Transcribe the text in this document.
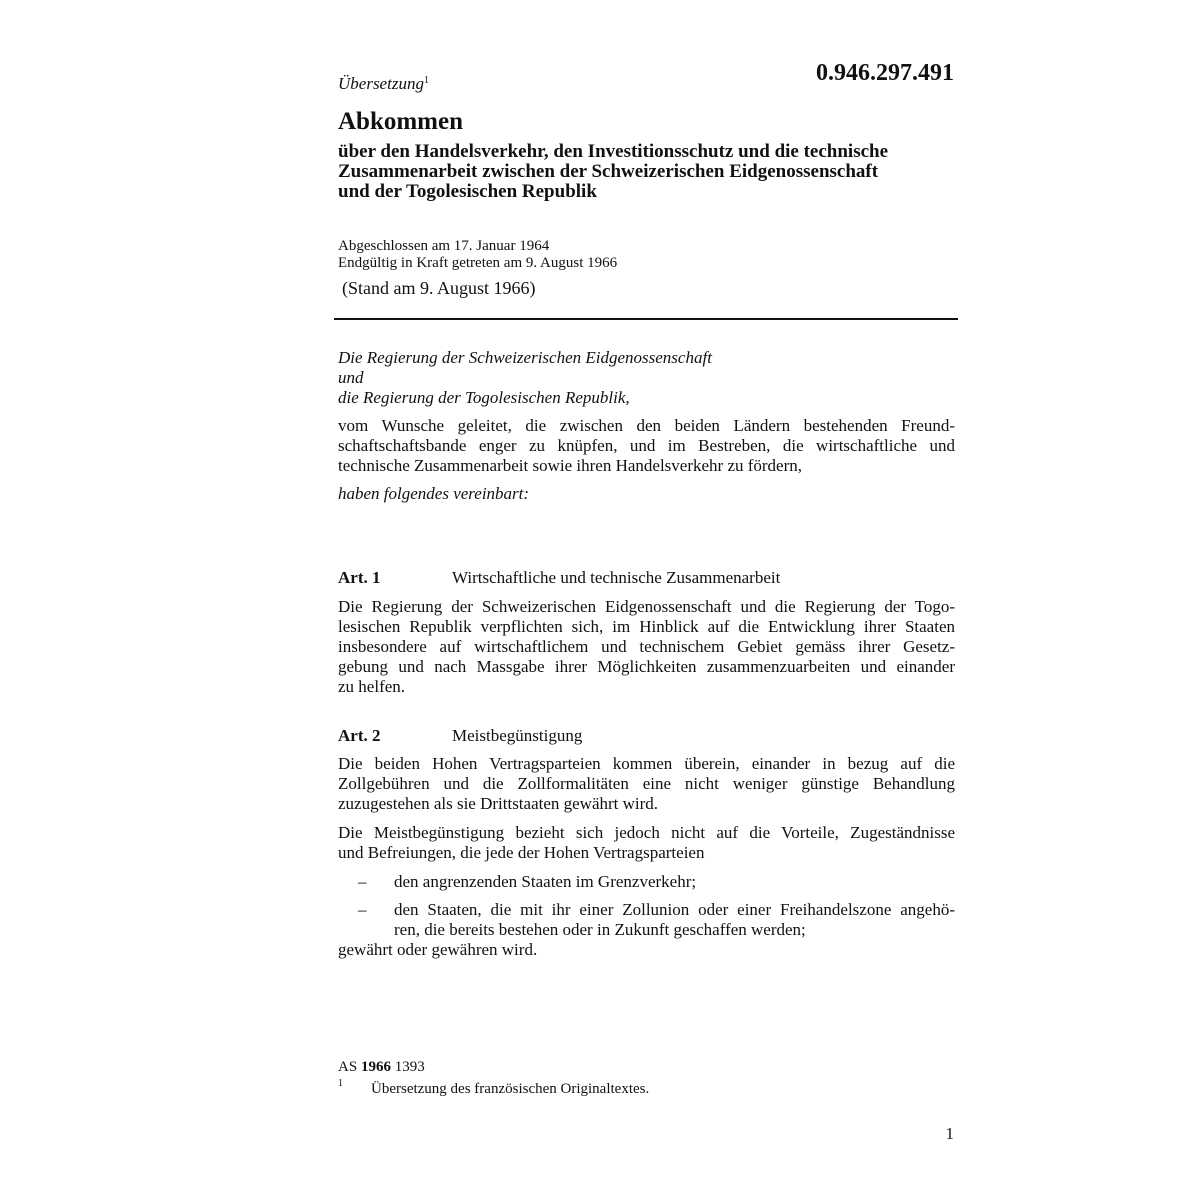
Übersetzung$^1$	0.946.297.491
Abkommen
über den Handelsverkehr, den Investitionsschutz und die technische
Zusammenarbeit zwischen der Schweizerischen Eidgenossenschaft
und der Togolesischen Republik
Abgeschlossen am 17. Januar 1964
Endgültig in Kraft getreten am 9. August 1966
(Stand am 9. August 1966)
Die Regierung der Schweizerischen Eidgenossenschaft
und
die Regierung der Togolesischen Republik,
vom Wunsche geleitet, die zwischen den beiden Ländern bestehenden Freund-
schaftschaftsbande enger zu knüpfen, und im Bestreben, die wirtschaftliche und
technische Zusammenarbeit sowie ihren Handelsverkehr zu fördern,
haben folgendes vereinbart:
Art. 1	Wirtschaftliche und technische Zusammenarbeit
Die Regierung der Schweizerischen Eidgenossenschaft und die Regierung der Togo-
lesischen Republik verpflichten sich, im Hinblick auf die Entwicklung ihrer Staaten
insbesondere auf wirtschaftlichem und technischem Gebiet gemäss ihrer Gesetz-
gebung und nach Massgabe ihrer Möglichkeiten zusammenzuarbeiten und einander
zu helfen.
Art. 2	Meistbegünstigung
Die beiden Hohen Vertragsparteien kommen überein, einander in bezug auf die
Zollgebühren und die Zollformalitäten eine nicht weniger günstige Behandlung
zuzugestehen als sie Drittstaaten gewährt wird.
Die Meistbegünstigung bezieht sich jedoch nicht auf die Vorteile, Zugeständnisse
und Befreiungen, die jede der Hohen Vertragsparteien
– den angrenzenden Staaten im Grenzverkehr;
– den Staaten, die mit ihr einer Zollunion oder einer Freihandelszone angehö-
ren, die bereits bestehen oder in Zukunft geschaffen werden;
gewährt oder gewähren wird.
AS 1966 1393
1 Übersetzung des französischen Originaltextes.
1
